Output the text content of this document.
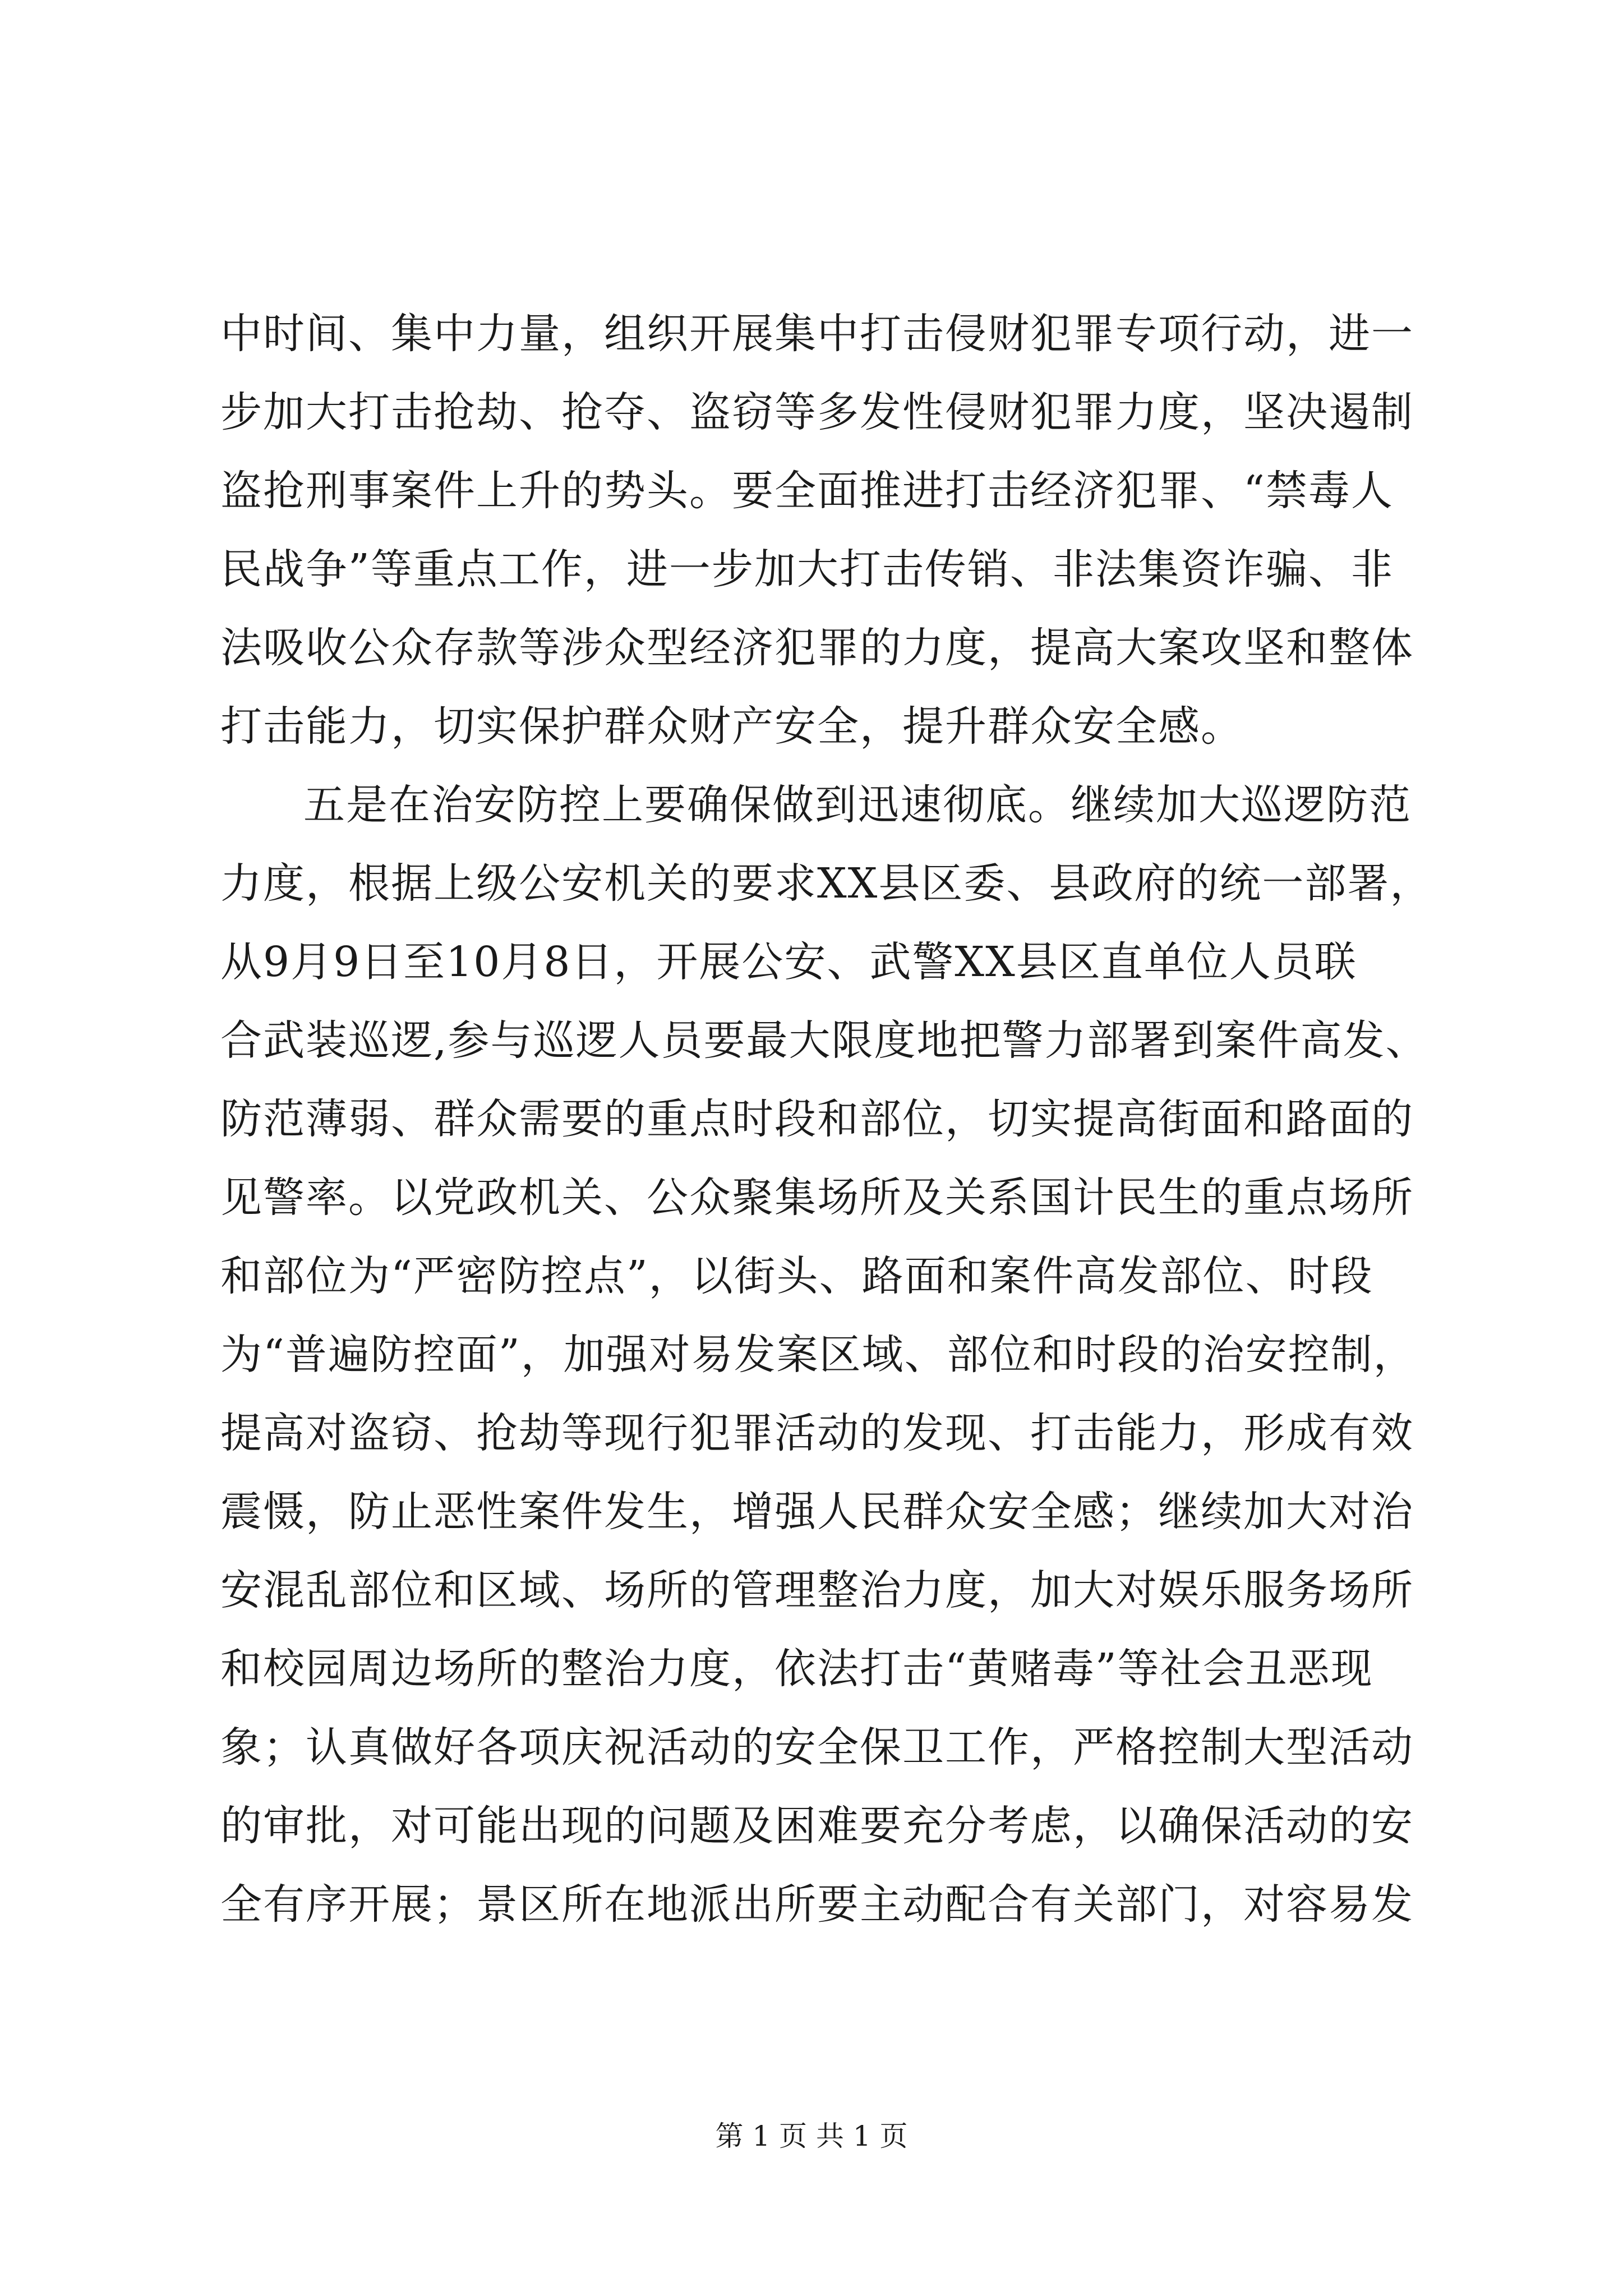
中时间、集中力量，组织开展集中打击侵财犯罪专项行动，进一
步加大打击抢劫、抢夺、盗窃等多发性侵财犯罪力度，坚决遏制
盗抢刑事案件上升的势头。要全面推进打击经济犯罪、“禁毒人
民战争”等重点工作，进一步加大打击传销、非法集资诈骗、非
法吸收公众存款等涉众型经济犯罪的力度，提高大案攻坚和整体
打击能力，切实保护群众财产安全，提升群众安全感。
五是在治安防控上要确保做到迅速彻底。继续加大巡逻防范
力度，根据上级公安机关的要求XX县区委、县政府的统一部署，
从9月9日至10月8日，开展公安、武警XX县区直单位人员联
合武装巡逻,参与巡逻人员要最大限度地把警力部署到案件高发、
防范薄弱、群众需要的重点时段和部位，切实提高街面和路面的
见警率。以党政机关、公众聚集场所及关系国计民生的重点场所
和部位为“严密防控点”，以街头、路面和案件高发部位、时段
为“普遍防控面”，加强对易发案区域、部位和时段的治安控制，
提高对盗窃、抢劫等现行犯罪活动的发现、打击能力，形成有效
震慑，防止恶性案件发生，增强人民群众安全感；继续加大对治
安混乱部位和区域、场所的管理整治力度，加大对娱乐服务场所
和校园周边场所的整治力度，依法打击“黄赌毒”等社会丑恶现
象；认真做好各项庆祝活动的安全保卫工作，严格控制大型活动
的审批，对可能出现的问题及困难要充分考虑，以确保活动的安
全有序开展；景区所在地派出所要主动配合有关部门，对容易发
第 1 页 共 1 页
